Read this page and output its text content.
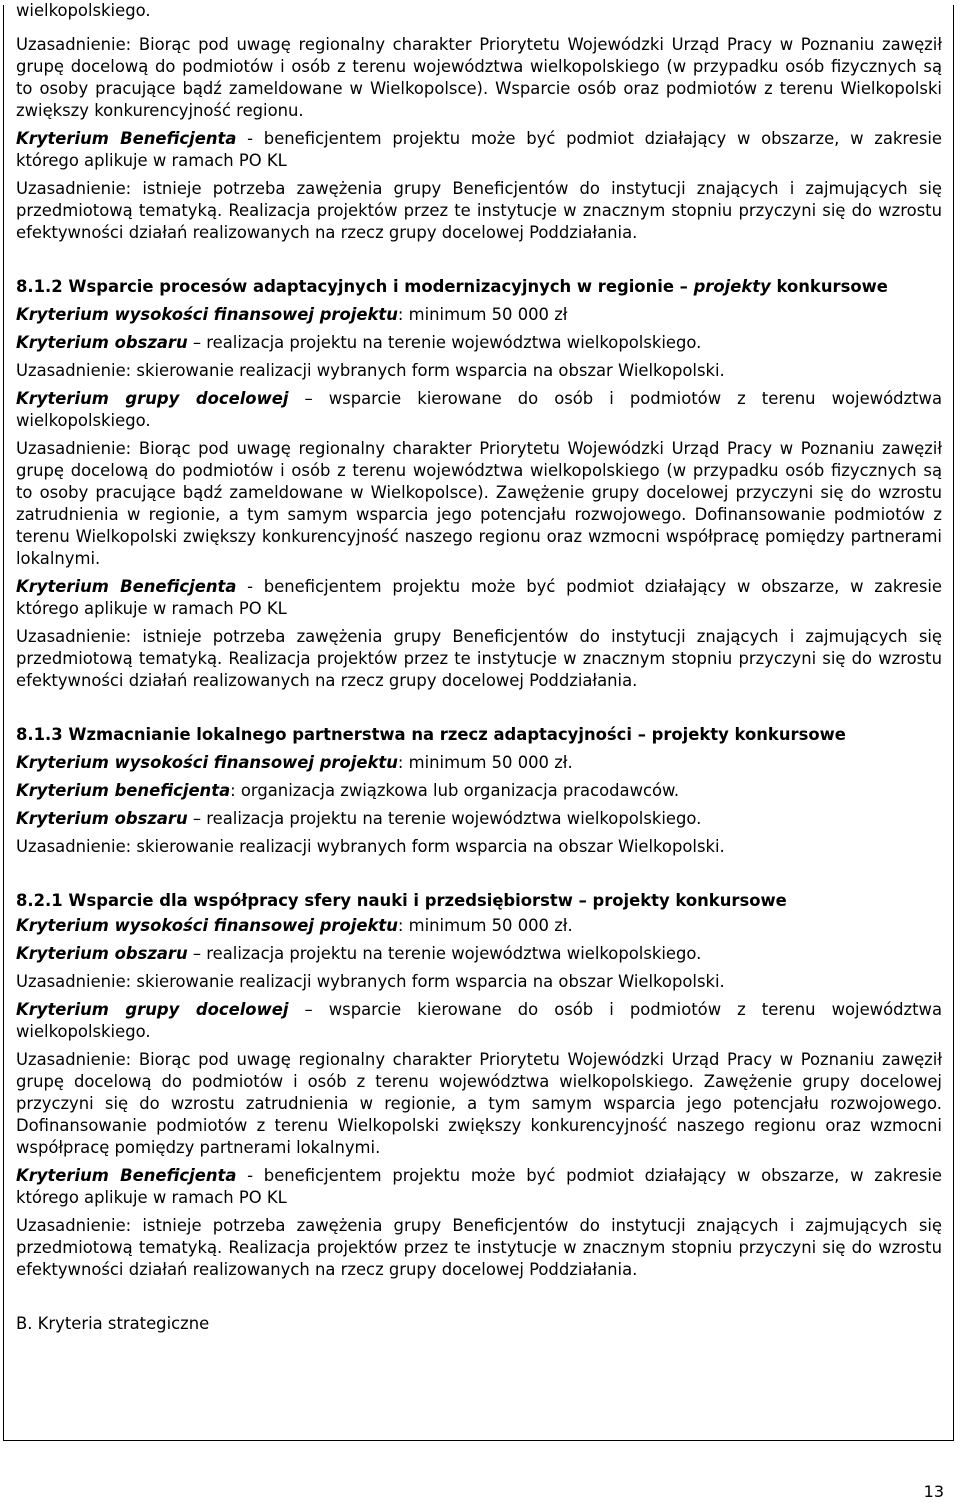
wielkopolskiego.

Uzasadnienie: Biorąc pod uwagę regionalny charakter Priorytetu Wojewódzki Urząd Pracy w Poznaniu zawęził grupę docelową do podmiotów i osób z terenu województwa wielkopolskiego (w przypadku osób fizycznych są to osoby pracujące bądź zameldowane w Wielkopolsce). Wsparcie osób oraz podmiotów z terenu Wielkopolski zwiększy konkurencyjność regionu.

Kryterium Beneficjenta - beneficjentem projektu może być podmiot działający w obszarze, w zakresie którego aplikuje w ramach PO KL

Uzasadnienie: istnieje potrzeba zawężenia grupy Beneficjentów do instytucji znających i zajmujących się przedmiotową tematyką. Realizacja projektów przez te instytucje w znacznym stopniu przyczyni się do wzrostu efektywności działań realizowanych na rzecz grupy docelowej Poddziałania.

8.1.2 Wsparcie procesów adaptacyjnych i modernizacyjnych w regionie – projekty konkursowe

Kryterium wysokości finansowej projektu: minimum 50 000 zł

Kryterium obszaru – realizacja projektu na terenie województwa wielkopolskiego.

Uzasadnienie: skierowanie realizacji wybranych form wsparcia na obszar Wielkopolski.

Kryterium grupy docelowej – wsparcie kierowane do osób i podmiotów z terenu województwa wielkopolskiego.

Uzasadnienie: Biorąc pod uwagę regionalny charakter Priorytetu Wojewódzki Urząd Pracy w Poznaniu zawęził grupę docelową do podmiotów i osób z terenu województwa wielkopolskiego (w przypadku osób fizycznych są to osoby pracujące bądź zameldowane w Wielkopolsce). Zawężenie grupy docelowej przyczyni się do wzrostu zatrudnienia w regionie, a tym samym wsparcia jego potencjału rozwojowego. Dofinansowanie podmiotów z terenu Wielkopolski zwiększy konkurencyjność naszego regionu oraz wzmocni współpracę pomiędzy partnerami lokalnymi.

Kryterium Beneficjenta - beneficjentem projektu może być podmiot działający w obszarze, w zakresie którego aplikuje w ramach PO KL

Uzasadnienie: istnieje potrzeba zawężenia grupy Beneficjentów do instytucji znających i zajmujących się przedmiotową tematyką. Realizacja projektów przez te instytucje w znacznym stopniu przyczyni się do wzrostu efektywności działań realizowanych na rzecz grupy docelowej Poddziałania.

8.1.3 Wzmacnianie lokalnego partnerstwa na rzecz adaptacyjności – projekty konkursowe

Kryterium wysokości finansowej projektu: minimum 50 000 zł.

Kryterium beneficjenta: organizacja związkowa lub organizacja pracodawców.

Kryterium obszaru – realizacja projektu na terenie województwa wielkopolskiego.

Uzasadnienie: skierowanie realizacji wybranych form wsparcia na obszar Wielkopolski.

8.2.1 Wsparcie dla współpracy sfery nauki i przedsiębiorstw – projekty konkursowe

Kryterium wysokości finansowej projektu: minimum 50 000 zł.

Kryterium obszaru – realizacja projektu na terenie województwa wielkopolskiego.

Uzasadnienie: skierowanie realizacji wybranych form wsparcia na obszar Wielkopolski.

Kryterium grupy docelowej – wsparcie kierowane do osób i podmiotów z terenu województwa wielkopolskiego.

Uzasadnienie: Biorąc pod uwagę regionalny charakter Priorytetu Wojewódzki Urząd Pracy w Poznaniu zawęził grupę docelową do podmiotów i osób z terenu województwa wielkopolskiego. Zawężenie grupy docelowej przyczyni się do wzrostu zatrudnienia w regionie, a tym samym wsparcia jego potencjału rozwojowego. Dofinansowanie podmiotów z terenu Wielkopolski zwiększy konkurencyjność naszego regionu oraz wzmocni współpracę pomiędzy partnerami lokalnymi.

Kryterium Beneficjenta - beneficjentem projektu może być podmiot działający w obszarze, w zakresie którego aplikuje w ramach PO KL

Uzasadnienie: istnieje potrzeba zawężenia grupy Beneficjentów do instytucji znających i zajmujących się przedmiotową tematyką. Realizacja projektów przez te instytucje w znacznym stopniu przyczyni się do wzrostu efektywności działań realizowanych na rzecz grupy docelowej Poddziałania.

B. Kryteria strategiczne

13
